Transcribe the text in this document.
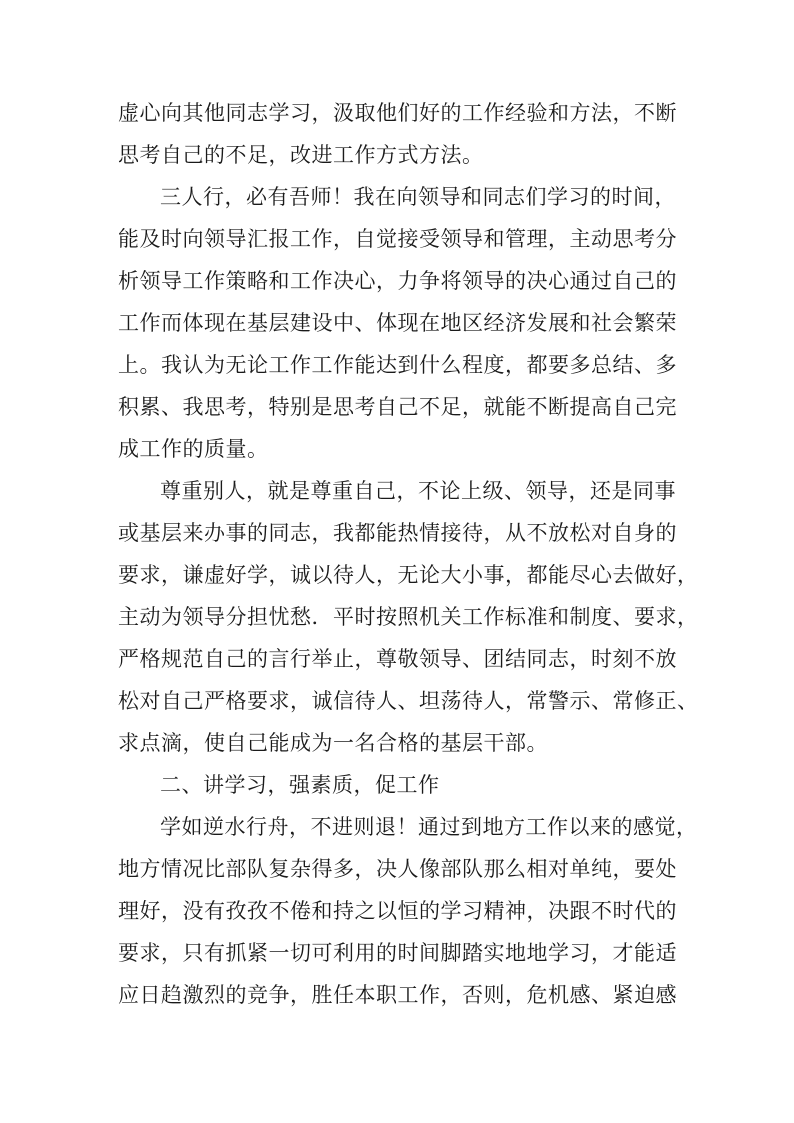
虚心向其他同志学习，汲取他们好的工作经验和方法，不断
思考自己的不足，改进工作方式方法。
三人行，必有吾师！我在向领导和同志们学习的时间，
能及时向领导汇报工作，自觉接受领导和管理，主动思考分
析领导工作策略和工作决心，力争将领导的决心通过自己的
工作而体现在基层建设中、体现在地区经济发展和社会繁荣
上。我认为无论工作工作能达到什么程度，都要多总结、多
积累、我思考，特别是思考自己不足，就能不断提高自己完
成工作的质量。
尊重别人，就是尊重自己，不论上级、领导，还是同事
或基层来办事的同志，我都能热情接待，从不放松对自身的
要求，谦虚好学，诚以待人，无论大小事，都能尽心去做好，
主动为领导分担忧愁．平时按照机关工作标准和制度、要求，
严格规范自己的言行举止，尊敬领导、团结同志，时刻不放
松对自己严格要求，诚信待人、坦荡待人，常警示、常修正、
求点滴，使自己能成为一名合格的基层干部。
二、讲学习，强素质，促工作
学如逆水行舟，不进则退！通过到地方工作以来的感觉，
地方情况比部队复杂得多，决人像部队那么相对单纯，要处
理好，没有孜孜不倦和持之以恒的学习精神，决跟不时代的
要求，只有抓紧一切可利用的时间脚踏实地地学习，才能适
应日趋激烈的竞争，胜任本职工作，否则，危机感、紧迫感
